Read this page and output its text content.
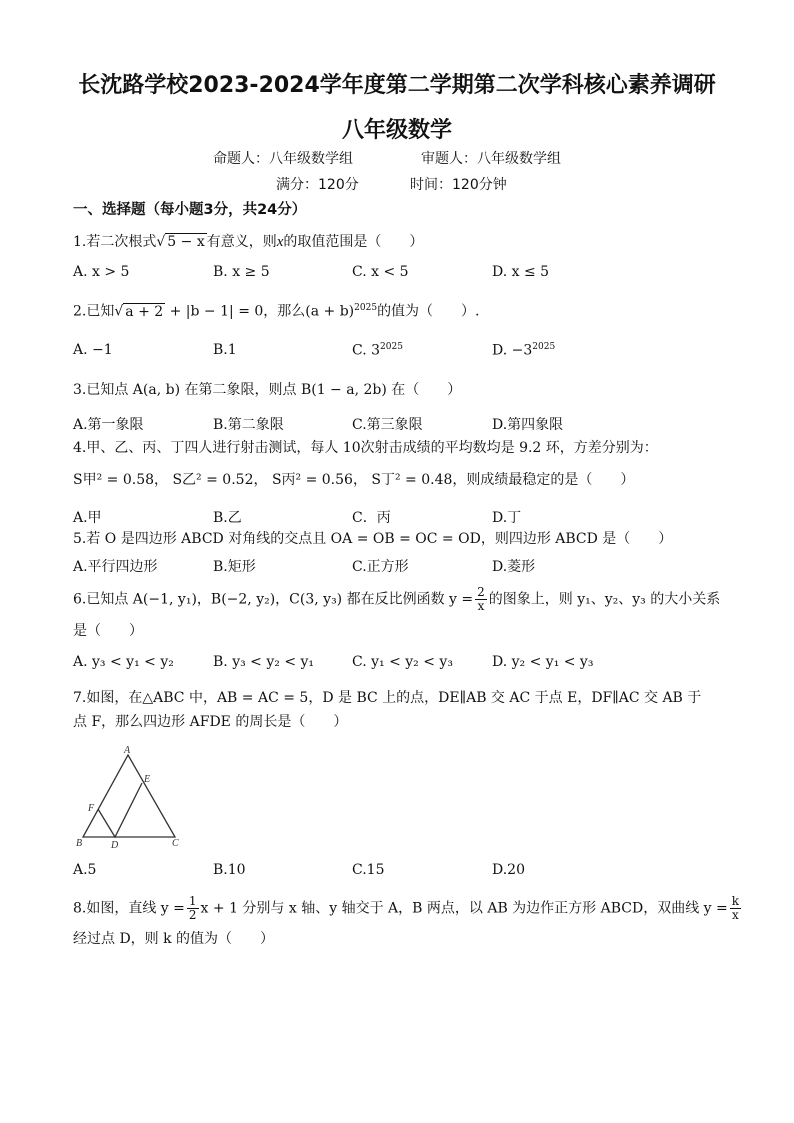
长沈路学校2023-2024学年度第二学期第二次学科核心素养调研
八年级数学
命题人：八年级数学组	审题人：八年级数学组
满分：120分	时间：120分钟
一、选择题（每小题3分，共24分）
1.若二次根式√ 5 − x 有意义，则x的取值范围是（　　）
A. x > 5	B. x ≥ 5	C. x < 5	D. x ≤ 5
2.已知√ a + 2 + |b − 1| = 0，那么$(a + b)^{2025}$的值为（　　）.
A. −1	B.1	C. $3^{2025}$	D. $-3^{2025}$
3.已知点 A(a, b) 在第二象限，则点 B(1 − a, 2b) 在（　　）
A.第一象限	B.第二象限	C.第三象限	D.第四象限
4.甲、乙、丙、丁四人进行射击测试，每人 10次射击成绩的平均数均是 9.2 环，方差分别为：
S甲² = 0.58， S乙² = 0.52， S丙² = 0.56， S丁² = 0.48，则成绩最稳定的是（　　）
A.甲	B.乙	C．丙	D.丁
5.若 O 是四边形 ABCD 对角线的交点且 OA = OB = OC = OD，则四边形 ABCD 是（　　）
A.平行四边形	B.矩形	C.正方形	D.菱形
6.已知点 A(−1, y₁)，B(−2, y₂)，C(3, y₃) 都在反比例函数 $y = \frac{2}{x}$ 的图象上，则 y₁、y₂、y₃ 的大小关系
是（　　）
A. y₃ < y₁ < y₂	B. y₃ < y₂ < y₁	C. y₁ < y₂ < y₃	D. y₂ < y₁ < y₃
7.如图，在△ABC 中，AB = AC = 5，D 是 BC 上的点，DE∥AB 交 AC 于点 E，DF∥AC 交 AB 于
点 F，那么四边形 AFDE 的周长是（　　）
A
B	C
D
E
F
A.5	B.10	C.15	D.20
8.如图，直线 $y = \frac{1}{2}$ x + 1 分别与 x 轴、y 轴交于 A，B 两点，以 AB 为边作正方形 ABCD，双曲线 $y = \frac{k}{x}$
经过点 D，则 k 的值为（　　）
